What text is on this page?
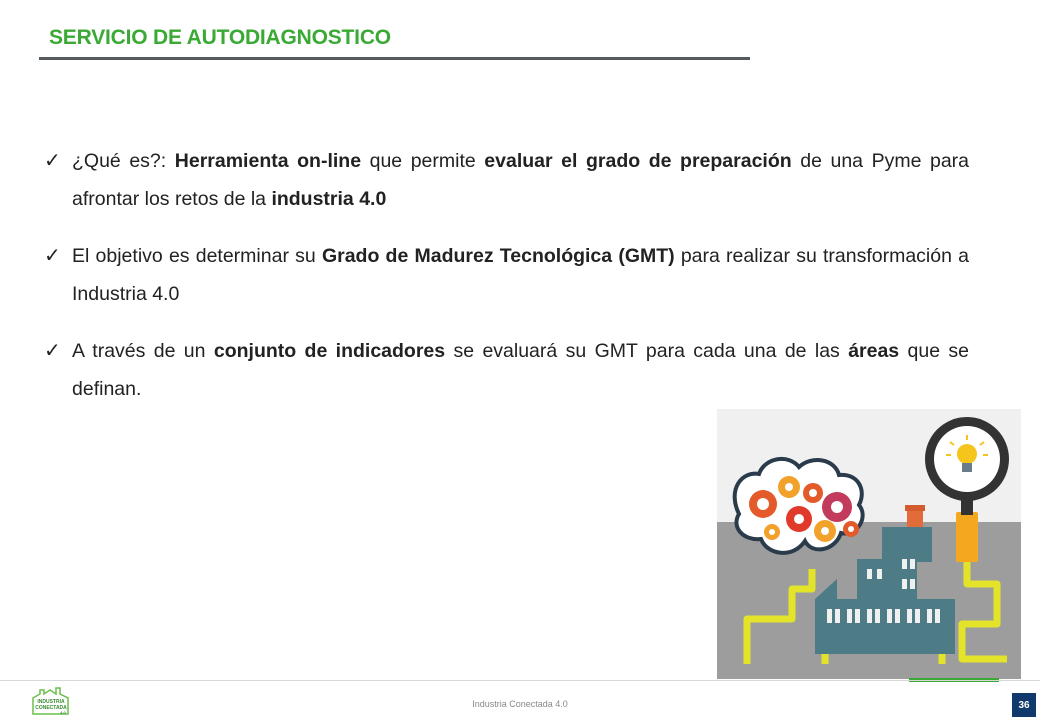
SERVICIO DE AUTODIAGNOSTICO
✓ ¿Qué es?: Herramienta on-line que permite evaluar el grado de preparación de una Pyme para afrontar los retos de la industria 4.0
✓ El objetivo es determinar su Grado de Madurez Tecnológica (GMT) para realizar su transformación a Industria 4.0
✓ A través de un conjunto de indicadores se evaluará su GMT para cada una de las áreas que se definan.
INDUSTRIA
CONECTADA
4.0
Industria Conectada 4.0	36
